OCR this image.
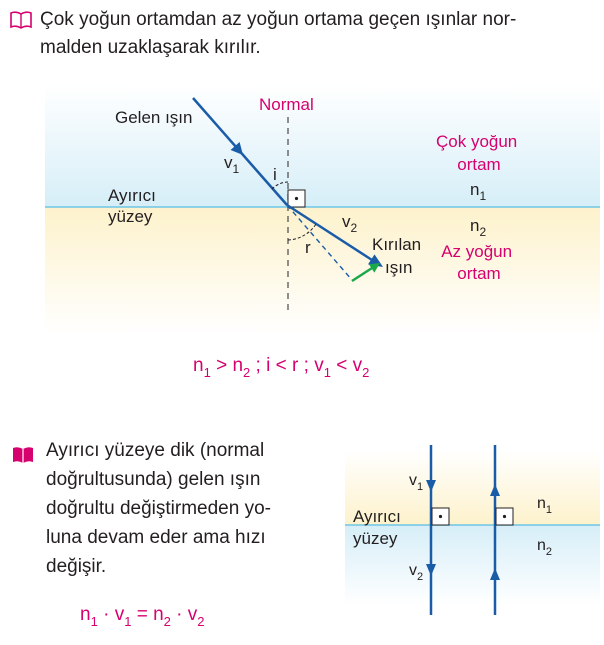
Çok yoğun ortamdan az yoğun ortama geçen ışınlar nor-
malden uzaklaşarak kırılır.
Gelen ışın
Normal
$v_1$ i
r
$v_2$
Ayırıcı yüzey
Kırılan ışın
Çok yoğun ortam
$n_1$
$n_2$
Az yoğun ortam
$n_1 > n_2$ ; i < r ; $v_1 < v_2$
Ayırıcı yüzeye dik (normal
doğrultusunda) gelen ışın
doğrultu değiştirmeden yo-
luna devam eder ama hızı
değişir.
$v_1$
$v_2$
Ayırıcı yüzey
$n_1$
$n_2$
$n_1 \cdot v_1 = n_2 \cdot v_2$
